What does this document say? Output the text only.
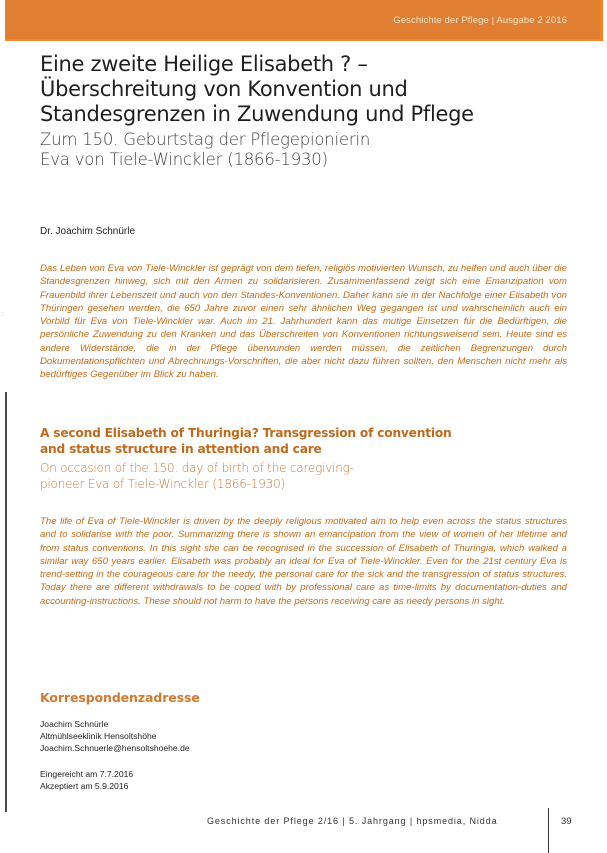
Geschichte der Pflege | Ausgabe 2 2016
Eine zweite Heilige Elisabeth ? –
Überschreitung von Konvention und
Standesgrenzen in Zuwendung und Pflege
Zum 150. Geburtstag der Pflegepionierin
Eva von Tiele-Winckler (1866-1930)
Dr. Joachim Schnürle
::

Das Leben von Eva von Tiele-Winckler ist geprägt von dem tiefen, religiös motivierten Wunsch, zu helfen und auch über die Standesgrenzen hinweg, sich mit den Armen zu solidarisieren. Zusammenfassend zeigt sich eine Emanzipation vom Frauenbild ihrer Lebenszeit und auch von den Standes-Konventionen. Daher kann sie in der Nachfolge einer Elisabeth von Thüringen gesehen werden, die 650 Jahre zuvor einen sehr ähnlichen Weg gegangen ist und wahrscheinlich auch ein Vorbild für Eva von Tiele-Winckler war. Auch im 21. Jahrhundert kann das mutige Einsetzen für die Bedürftigen, die persönliche Zuwendung zu den Kranken und das Überschreiten von Konventionen richtungsweisend sein. Heute sind es andere Widerstände, die in der Pflege überwunden werden müssen, die zeitlichen Begrenzungen durch Dokumentationspflichten und Abrechnungs-Vorschriften, die aber nicht dazu führen sollten, den Menschen nicht mehr als bedürftiges Gegenüber im Blick zu haben.

A second Elisabeth of Thuringia? Transgression of convention
and status structure in attention and care
On occasion of the 150. day of birth of the caregiving-
pioneer Eva of Tiele-Winckler (1866-1930)

The life of Eva of Tiele-Winckler is driven by the deeply religious motivated aim to help even across the status structures and to solidarise with the poor. Summarizing there is shown an emancipation from the view of women of her lifetime and from status conventions. In this sight she can be recognised in the succession of Elisabeth of Thuringia, which walked a similar way 650 years earlier. Elisabeth was probably an ideal for Eva of Tiele-Winckler. Even for the 21st century Eva is trend-setting in the courageous care for the needy, the personal care for the sick and the transgression of status structures. Today there are different withdrawals to be coped with by professional care as time-limits by documentation-duties and accounting-instructions. These should not harm to have the persons receiving care as needy persons in sight.

Korrespondenzadresse
Joachim Schnürle
Altmühlseeklinik Hensoltshöhe
Joachim.Schnuerle@hensoltshoehe.de
Eingereicht am 7.7.2016
Akzeptiert am 5.9.2016
Geschichte der Pflege 2/16 | 5. Jahrgang | hpsmedia, Nidda	39
